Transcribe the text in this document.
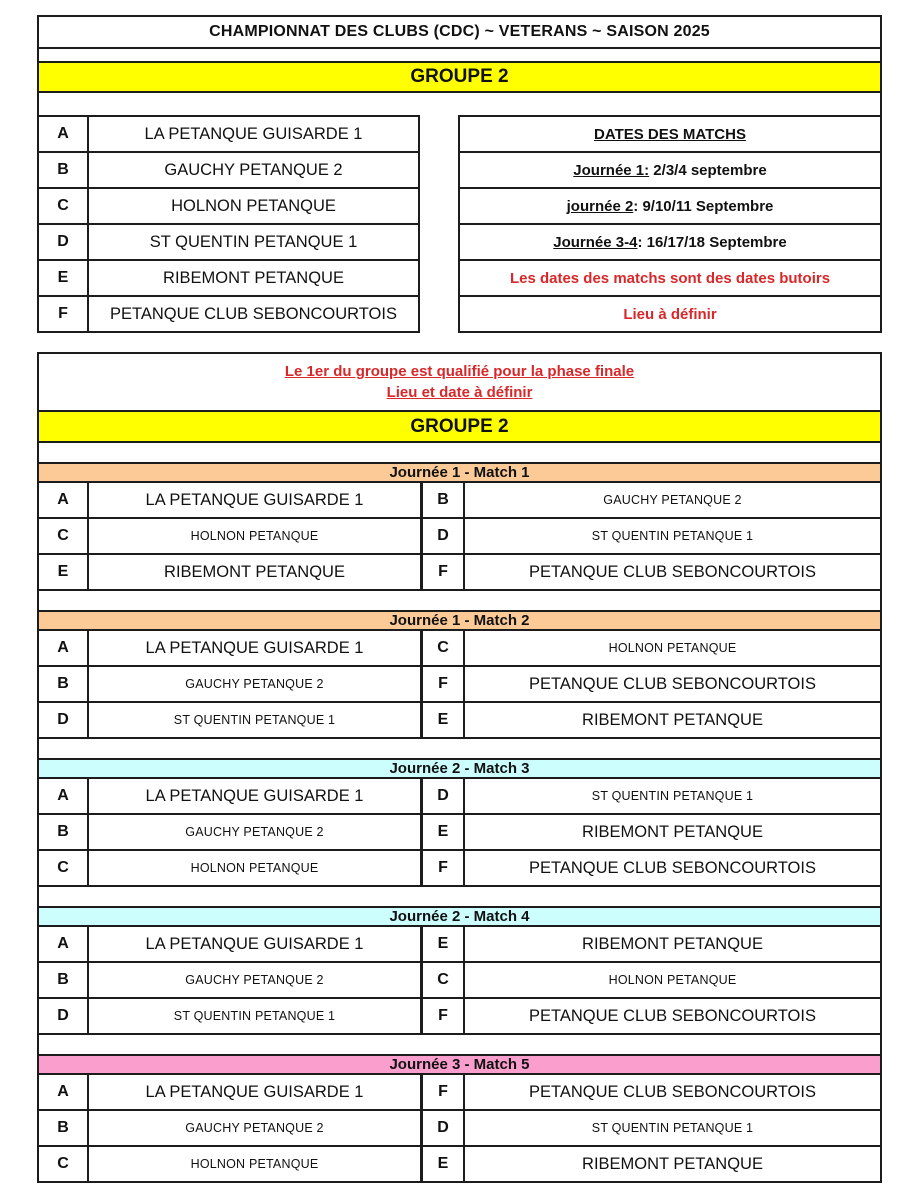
CHAMPIONNAT DES CLUBS (CDC) ~ VETERANS ~ SAISON 2025
GROUPE 2
A	LA PETANQUE GUISARDE 1
B	GAUCHY PETANQUE 2
C	HOLNON PETANQUE
D	ST QUENTIN PETANQUE 1
E	RIBEMONT PETANQUE
F	PETANQUE CLUB SEBONCOURTOIS
DATES DES MATCHS
Journée 1: 2/3/4 septembre
journée 2 : 9/10/11 Septembre
Journée 3-4 : 16/17/18 Septembre
Les dates des matchs sont des dates butoirs
Lieu à définir
Le 1er du groupe est qualifié pour la phase finale
Lieu et date à définir
GROUPE 2
Journée 1 - Match 1
A	LA PETANQUE GUISARDE 1	B	GAUCHY PETANQUE 2
C	HOLNON PETANQUE	D	ST QUENTIN PETANQUE 1
E	RIBEMONT PETANQUE	F	PETANQUE CLUB SEBONCOURTOIS
Journée 1 - Match 2
A	LA PETANQUE GUISARDE 1	C	HOLNON PETANQUE
B	GAUCHY PETANQUE 2	F	PETANQUE CLUB SEBONCOURTOIS
D	ST QUENTIN PETANQUE 1	E	RIBEMONT PETANQUE
Journée 2 - Match 3
A	LA PETANQUE GUISARDE 1	D	ST QUENTIN PETANQUE 1
B	GAUCHY PETANQUE 2	E	RIBEMONT PETANQUE
C	HOLNON PETANQUE	F	PETANQUE CLUB SEBONCOURTOIS
Journée 2 - Match 4
A	LA PETANQUE GUISARDE 1	E	RIBEMONT PETANQUE
B	GAUCHY PETANQUE 2	C	HOLNON PETANQUE
D	ST QUENTIN PETANQUE 1	F	PETANQUE CLUB SEBONCOURTOIS
Journée 3 - Match 5
A	LA PETANQUE GUISARDE 1	F	PETANQUE CLUB SEBONCOURTOIS
B	GAUCHY PETANQUE 2	D	ST QUENTIN PETANQUE 1
C	HOLNON PETANQUE	E	RIBEMONT PETANQUE
